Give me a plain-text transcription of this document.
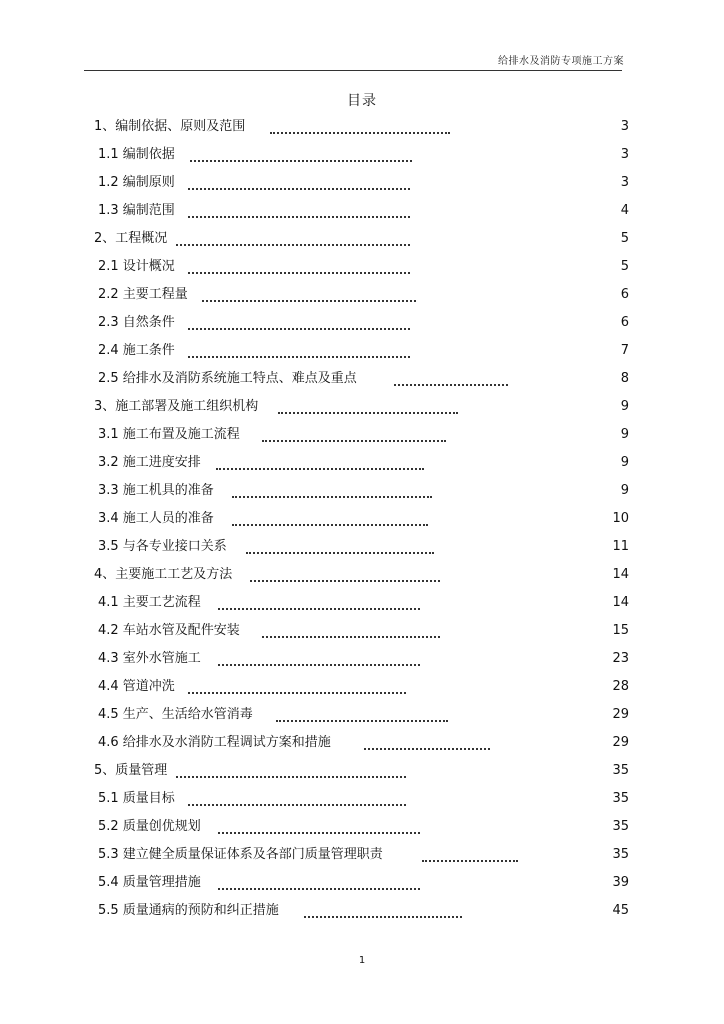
给排水及消防专项施工方案
目录
1、编制依据、原则及范围	3
1.1 编制依据	3
1.2 编制原则	3
1.3 编制范围	4
2、工程概况	5
2.1 设计概况	5
2.2 主要工程量	6
2.3 自然条件	6
2.4 施工条件	7
2.5 给排水及消防系统施工特点、难点及重点	8
3、施工部署及施工组织机构	9
3.1 施工布置及施工流程	9
3.2 施工进度安排	9
3.3 施工机具的准备	9
3.4 施工人员的准备	10
3.5 与各专业接口关系	11
4、主要施工工艺及方法	14
4.1 主要工艺流程	14
4.2 车站水管及配件安装	15
4.3 室外水管施工	23
4.4 管道冲洗	28
4.5 生产、生活给水管消毒	29
4.6 给排水及水消防工程调试方案和措施	29
5、质量管理	35
5.1 质量目标	35
5.2 质量创优规划	35
5.3 建立健全质量保证体系及各部门质量管理职责	35
5.4 质量管理措施	39
5.5 质量通病的预防和纠正措施	45
1
